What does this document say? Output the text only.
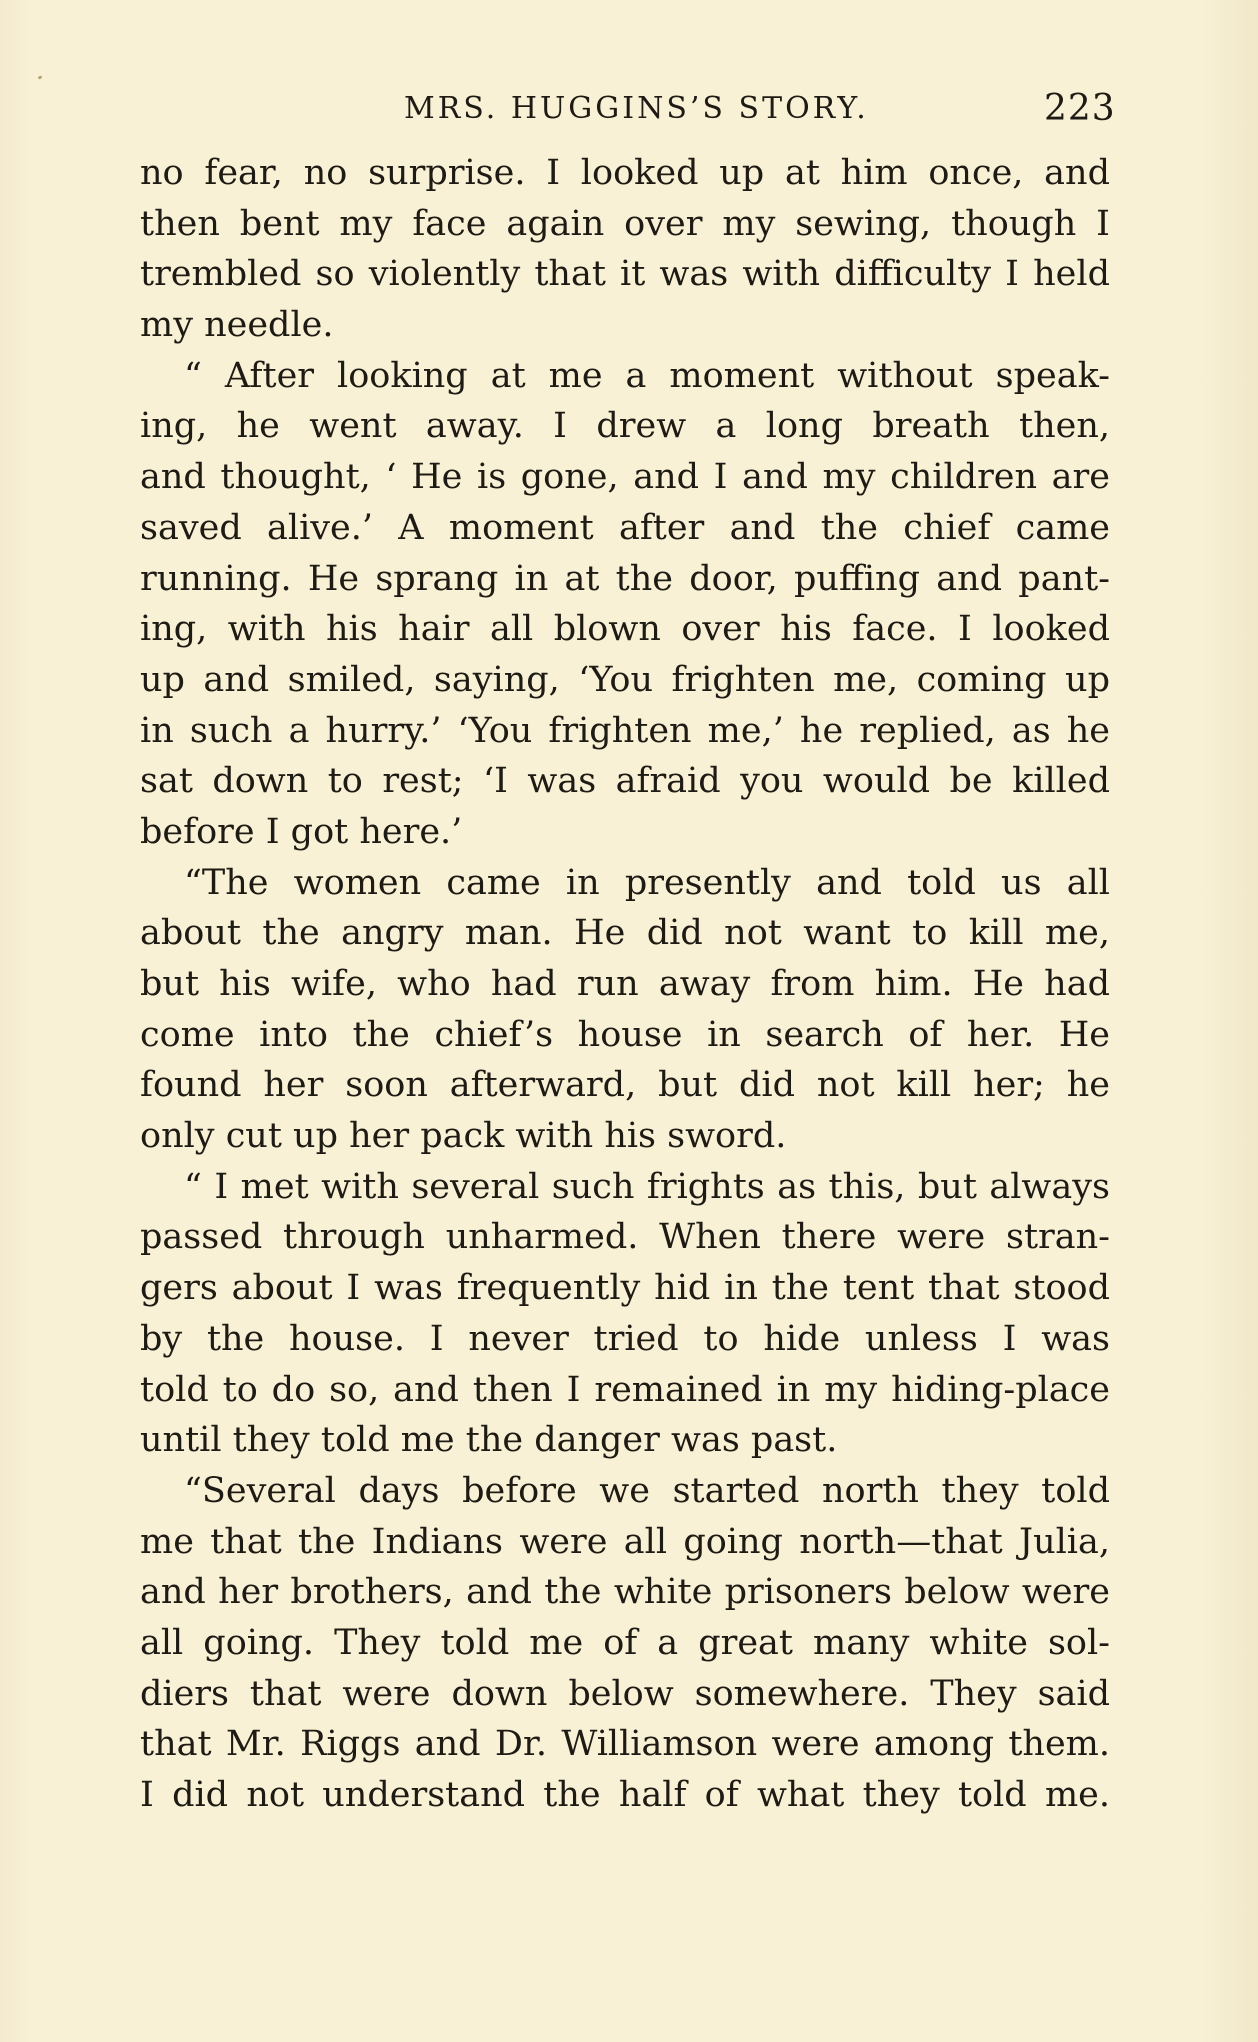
MRS. HUGGINS’S STORY.	223
no fear, no surprise. I looked up at him once, and
then bent my face again over my sewing, though I
trembled so violently that it was with difficulty I held
my needle.
“ After looking at me a moment without speak-
ing, he went away. I drew a long breath then,
and thought, ‘ He is gone, and I and my children are
saved alive.’ A moment after and the chief came
running. He sprang in at the door, puffing and pant-
ing, with his hair all blown over his face. I looked
up and smiled, saying, ‘You frighten me, coming up
in such a hurry.’ ‘You frighten me,’ he replied, as he
sat down to rest; ‘I was afraid you would be killed
before I got here.’
“The women came in presently and told us all
about the angry man. He did not want to kill me,
but his wife, who had run away from him. He had
come into the chief’s house in search of her. He
found her soon afterward, but did not kill her; he
only cut up her pack with his sword.
“ I met with several such frights as this, but always
passed through unharmed. When there were stran-
gers about I was frequently hid in the tent that stood
by the house. I never tried to hide unless I was
told to do so, and then I remained in my hiding-place
until they told me the danger was past.
“Several days before we started north they told
me that the Indians were all going north—that Julia,
and her brothers, and the white prisoners below were
all going. They told me of a great many white sol-
diers that were down below somewhere. They said
that Mr. Riggs and Dr. Williamson were among them.
I did not understand the half of what they told me.
